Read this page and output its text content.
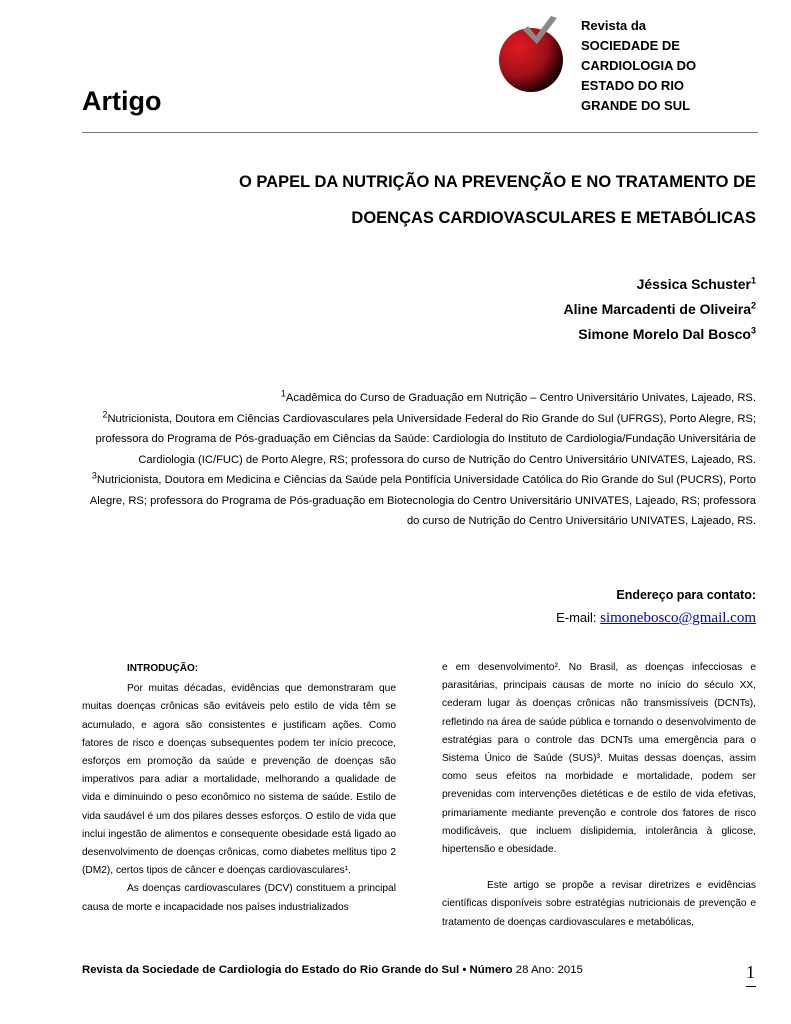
Revista da
SOCIEDADE DE
CARDIOLOGIA DO
ESTADO DO RIO
GRANDE DO SUL
Artigo
O PAPEL DA NUTRIÇÃO NA PREVENÇÃO E NO TRATAMENTO DE
DOENÇAS CARDIOVASCULARES E METABÓLICAS
Jéssica Schuster$^1$
Aline Marcadenti de Oliveira$^2$
Simone Morelo Dal Bosco$^3$
$^1$Acadêmica do Curso de Graduação em Nutrição – Centro Universitário Univates, Lajeado, RS.
$^2$Nutricionista, Doutora em Ciências Cardiovasculares pela Universidade Federal do Rio Grande do Sul (UFRGS), Porto Alegre, RS; professora do Programa de Pós-graduação em Ciências da Saúde: Cardiologia do Instituto de Cardiologia/Fundação Universitária de Cardiologia (IC/FUC) de Porto Alegre, RS; professora do curso de Nutrição do Centro Universitário UNIVATES, Lajeado, RS.
$^3$Nutricionista, Doutora em Medicina e Ciências da Saúde pela Pontifícia Universidade Católica do Rio Grande do Sul (PUCRS), Porto Alegre, RS; professora do Programa de Pós-graduação em Biotecnologia do Centro Universitário UNIVATES, Lajeado, RS; professora do curso de Nutrição do Centro Universitário UNIVATES, Lajeado, RS.
Endereço para contato:
E-mail: simonebosco@gmail.com
INTRODUÇÃO:

Por muitas décadas, evidências que demonstraram que muitas doenças crônicas são evitáveis pelo estilo de vida têm se acumulado, e agora são consistentes e justificam ações. Como fatores de risco e doenças subsequentes podem ter início precoce, esforços em promoção da saúde e prevenção de doenças são imperativos para adiar a mortalidade, melhorando a qualidade de vida e diminuindo o peso econômico no sistema de saúde. Estilo de vida saudável é um dos pilares desses esforços. O estilo de vida que inclui ingestão de alimentos e consequente obesidade está ligado ao desenvolvimento de doenças crônicas, como diabetes mellitus tipo 2 (DM2), certos tipos de câncer e doenças cardiovasculares¹.

As doenças cardiovasculares (DCV) constituem a principal causa de morte e incapacidade nos países industrializados

e em desenvolvimento². No Brasil, as doenças infecciosas e parasitárias, principais causas de morte no início do século XX, cederam lugar às doenças crônicas não transmissíveis (DCNTs), refletindo na área de saúde pública e tornando o desenvolvimento de estratégias para o controle das DCNTs uma emergência para o Sistema Único de Saúde (SUS)³. Muitas dessas doenças, assim como seus efeitos na morbidade e mortalidade, podem ser prevenidas com intervenções dietéticas e de estilo de vida efetivas, primariamente mediante prevenção e controle dos fatores de risco modificáveis, que incluem dislipidemia, intolerância à glicose, hipertensão e obesidade.

Este artigo se propõe a revisar diretrizes e evidências científicas disponíveis sobre estratégias nutricionais de prevenção e tratamento de doenças cardiovasculares e metabólicas,

Revista da Sociedade de Cardiologia do Estado do Rio Grande do Sul • Número 28 Ano: 2015	1
